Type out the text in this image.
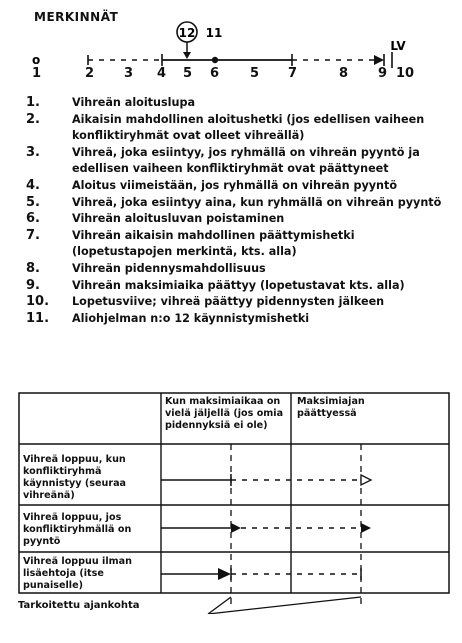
MERKINNÄT
o
12 11
LV
1	2 3 4 5 6 5 7	8 9 10
1.	Vihreän aloituslupa
2.	Aikaisin mahdollinen aloitushetki (jos edellisen vaiheen konfliktiryhmät ovat olleet vihreällä)
3.	Vihreä, joka esiintyy, jos ryhmällä on vihreän pyyntö ja edellisen vaiheen konfliktiryhmät ovat päättyneet
4.	Aloitus viimeistään, jos ryhmällä on vihreän pyyntö
5.	Vihreä, joka esiintyy aina, kun ryhmällä on vihreän pyyntö
6.	Vihreän aloitusluvan poistaminen
7.	Vihreän aikaisin mahdollinen päättymishetki (lopetustapojen merkintä, kts. alla)
8.	Vihreän pidennysmahdollisuus
9.	Vihreän maksimiaika päättyy (lopetustavat kts. alla)
10.	Lopetusviive; vihreä päättyy pidennysten jälkeen
11.	Aliohjelman n:o 12 käynnistymishetki
Kun maksimiaikaa on vielä jäljellä (jos omia pidennyksiä ei ole)
Maksimiajan päättyessä
Vihreä loppuu, kun konfliktiryhmä käynnistyy (seuraa vihreänä)
Vihreä loppuu, jos konfliktiryhmällä on pyyntö
Vihreä loppuu ilman lisäehtoja (itse punaiselle)
Tarkoitettu ajankohta
